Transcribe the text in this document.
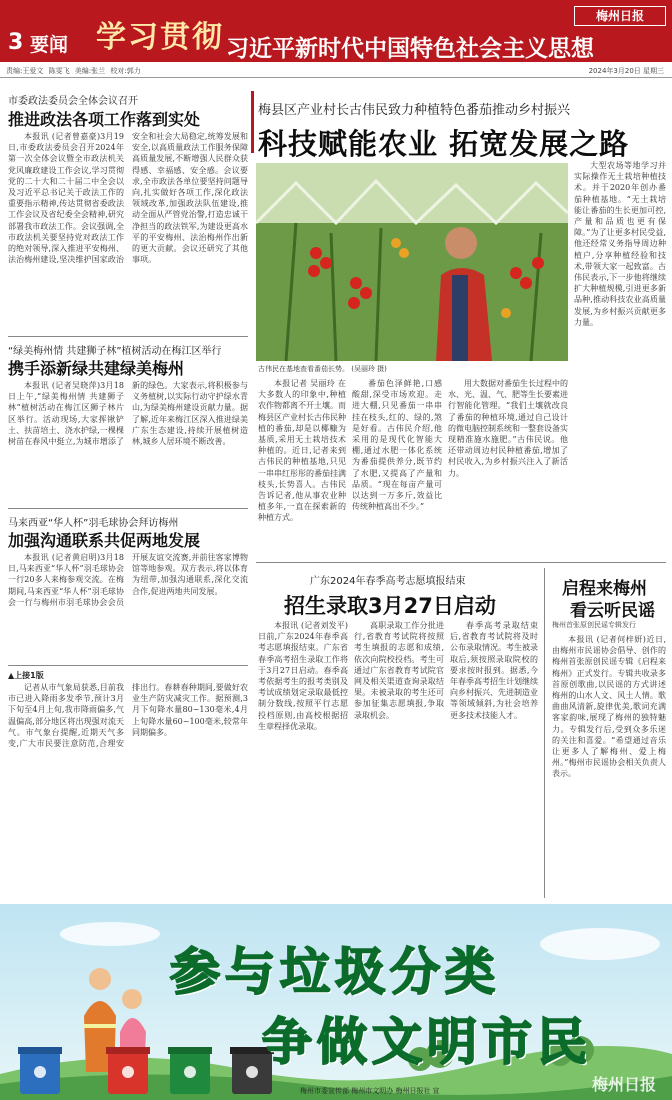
3 要闻 学习贯彻 习近平新时代中国特色社会主义思想
梅州日报
责编:王爱文 陈雯飞 美编:张兰 校对:郭力	2024年3月20日 星期三
市委政法委员会全体会议召开
推进政法各项工作落到实处
本报讯 (记者曾嘉豪)3月19日,市委政法委员会召开2024年第一次全体会议暨全市政法机关党风廉政建设工作会议,学习贯彻党的二十大和二十届二中全会以及习近平总书记关于政法工作的重要指示精神,传达贯彻省委政法工作会议及省纪委全会精神,研究部署我市政法工作。会议强调,全市政法机关要坚持党对政法工作的绝对领导,深入推进平安梅州、法治梅州建设,坚决维护国家政治安全和社会大局稳定,统筹发展和安全,以高质量政法工作服务保障高质量发展,不断增强人民群众获得感、幸福感、安全感。会议要求,全市政法各单位要坚持问题导向,扎实做好各项工作,深化政法领域改革,加强政法队伍建设,推动全面从严管党治警,打造忠诚干净担当的政法铁军,为建设更高水平的平安梅州、法治梅州作出新的更大贡献。会议还研究了其他事项。
“绿美梅州情 共建狮子林”植树活动在梅江区举行
携手添新绿共建绿美梅州
本报讯 (记者吴晓萍)3月18日上午,“绿美梅州情 共建狮子林”植树活动在梅江区狮子林片区举行。活动现场,大家挥锹铲土、扶苗培土、浇水护绿,一棵棵树苗在春风中挺立,为城市增添了新的绿色。大家表示,将积极参与义务植树,以实际行动守护绿水青山,为绿美梅州建设贡献力量。据了解,近年来梅江区深入推进绿美广东生态建设,持续开展植树造林,城乡人居环境不断改善。
马来西亚“华人杯”羽毛球协会拜访梅州
加强沟通联系共促两地发展
本报讯 (记者黄启明)3月18日,马来西亚“华人杯”羽毛球协会一行20多人来梅参观交流。在梅期间,马来西亚“华人杯”羽毛球协会一行与梅州市羽毛球协会会员开展友谊交流赛,并前往客家博物馆等地参观。双方表示,将以体育为纽带,加强沟通联系,深化交流合作,促进两地共同发展。
▲上接1版
记者从市气象局获悉,目前我市已进入降雨多发季节,预计3月下旬至4月上旬,我市降雨偏多,气温偏高,部分地区将出现强对流天气。市气象台提醒,近期天气多变,广大市民要注意防范,合理安排出行。春耕春种期间,要做好农业生产防灾减灾工作。据预测,3月下旬降水量80~130毫米,4月上旬降水量60~100毫米,较常年同期偏多。
梅县区产业村长古伟民致力种植特色番茄推动乡村振兴
科技赋能农业 拓宽发展之路
古伟民在基地查看番茄长势。 (吴丽玲 摄)
本报记者 吴丽玲 在大多数人的印象中,种植农作物都离不开土壤。而梅县区产业村长古伟民种植的番茄,却是以椰糠为基质,采用无土栽培技术种植的。近日,记者来到古伟民的种植基地,只见一串串红彤彤的番茄挂满枝头,长势喜人。古伟民告诉记者,他从事农业种植多年,一直在探索新的种植方式。
番茄色泽鲜艳,口感酸甜,深受市场欢迎。走进大棚,只见番茄一串串挂在枝头,红的、绿的,煞是好看。古伟民介绍,他采用的是现代化智能大棚,通过水肥一体化系统为番茄提供养分,既节约了水肥,又提高了产量和品质。“现在每亩产量可以达到一万多斤,效益比传统种植高出不少。”
用大数据对番茄生长过程中的水、光、温、气、肥等生长要素进行智能化管理。“我们土壤就改良了番茄的种植环境,通过自己设计的微电脑控制系统和一整套设备实现精准施水施肥。”古伟民说。他还带动周边村民种植番茄,增加了村民收入,为乡村振兴注入了新活力。
大型农场等地学习并实际操作无土栽培种植技术。并于2020年创办番茄种植基地。“无土栽培能让番茄的生长更加可控,产量和品质也更有保障。”为了让更多村民受益,他还经常义务指导周边种植户,分享种植经验和技术,带领大家一起致富。古伟民表示,下一步他将继续扩大种植规模,引进更多新品种,推动科技农业高质量发展,为乡村振兴贡献更多力量。
广东2024年春季高考志愿填报结束
招生录取3月27日启动
本报讯 (记者刘发平)日前,广东2024年春季高考志愿填报结束。广东省春季高考招生录取工作将于3月27日启动。春季高考依据考生的报考类别及考试成绩划定录取最低控制分数线,按照平行志愿投档原则,由高校根据招生章程择优录取。
高职录取工作分批进行,省教育考试院将按照考生填报的志愿和成绩,依次向院校投档。考生可通过广东省教育考试院官网及相关渠道查询录取结果。未被录取的考生还可参加征集志愿填报,争取录取机会。
春季高考录取结束后,省教育考试院将及时公布录取情况。考生被录取后,须按照录取院校的要求按时报到。据悉,今年春季高考招生计划继续向乡村振兴、先进制造业等领域倾斜,为社会培养更多技术技能人才。
启程来梅州
看云听民谣
梅州首张原创民谣专辑发行
本报讯 (记者何梓妍)近日,由梅州市民谣协会倡导、创作的梅州首张原创民谣专辑《启程来梅州》正式发行。专辑共收录多首原创歌曲,以民谣的方式讲述梅州的山水人文、风土人情。歌曲曲风清新,旋律优美,歌词充满客家韵味,展现了梅州的独特魅力。专辑发行后,受到众多乐迷的关注和喜爱。“希望通过音乐让更多人了解梅州、爱上梅州。”梅州市民谣协会相关负责人表示。
参与垃圾分类
争做文明市民
梅州市委宣传部 梅州市文明办 梅州日报社 宣	梅州日报
